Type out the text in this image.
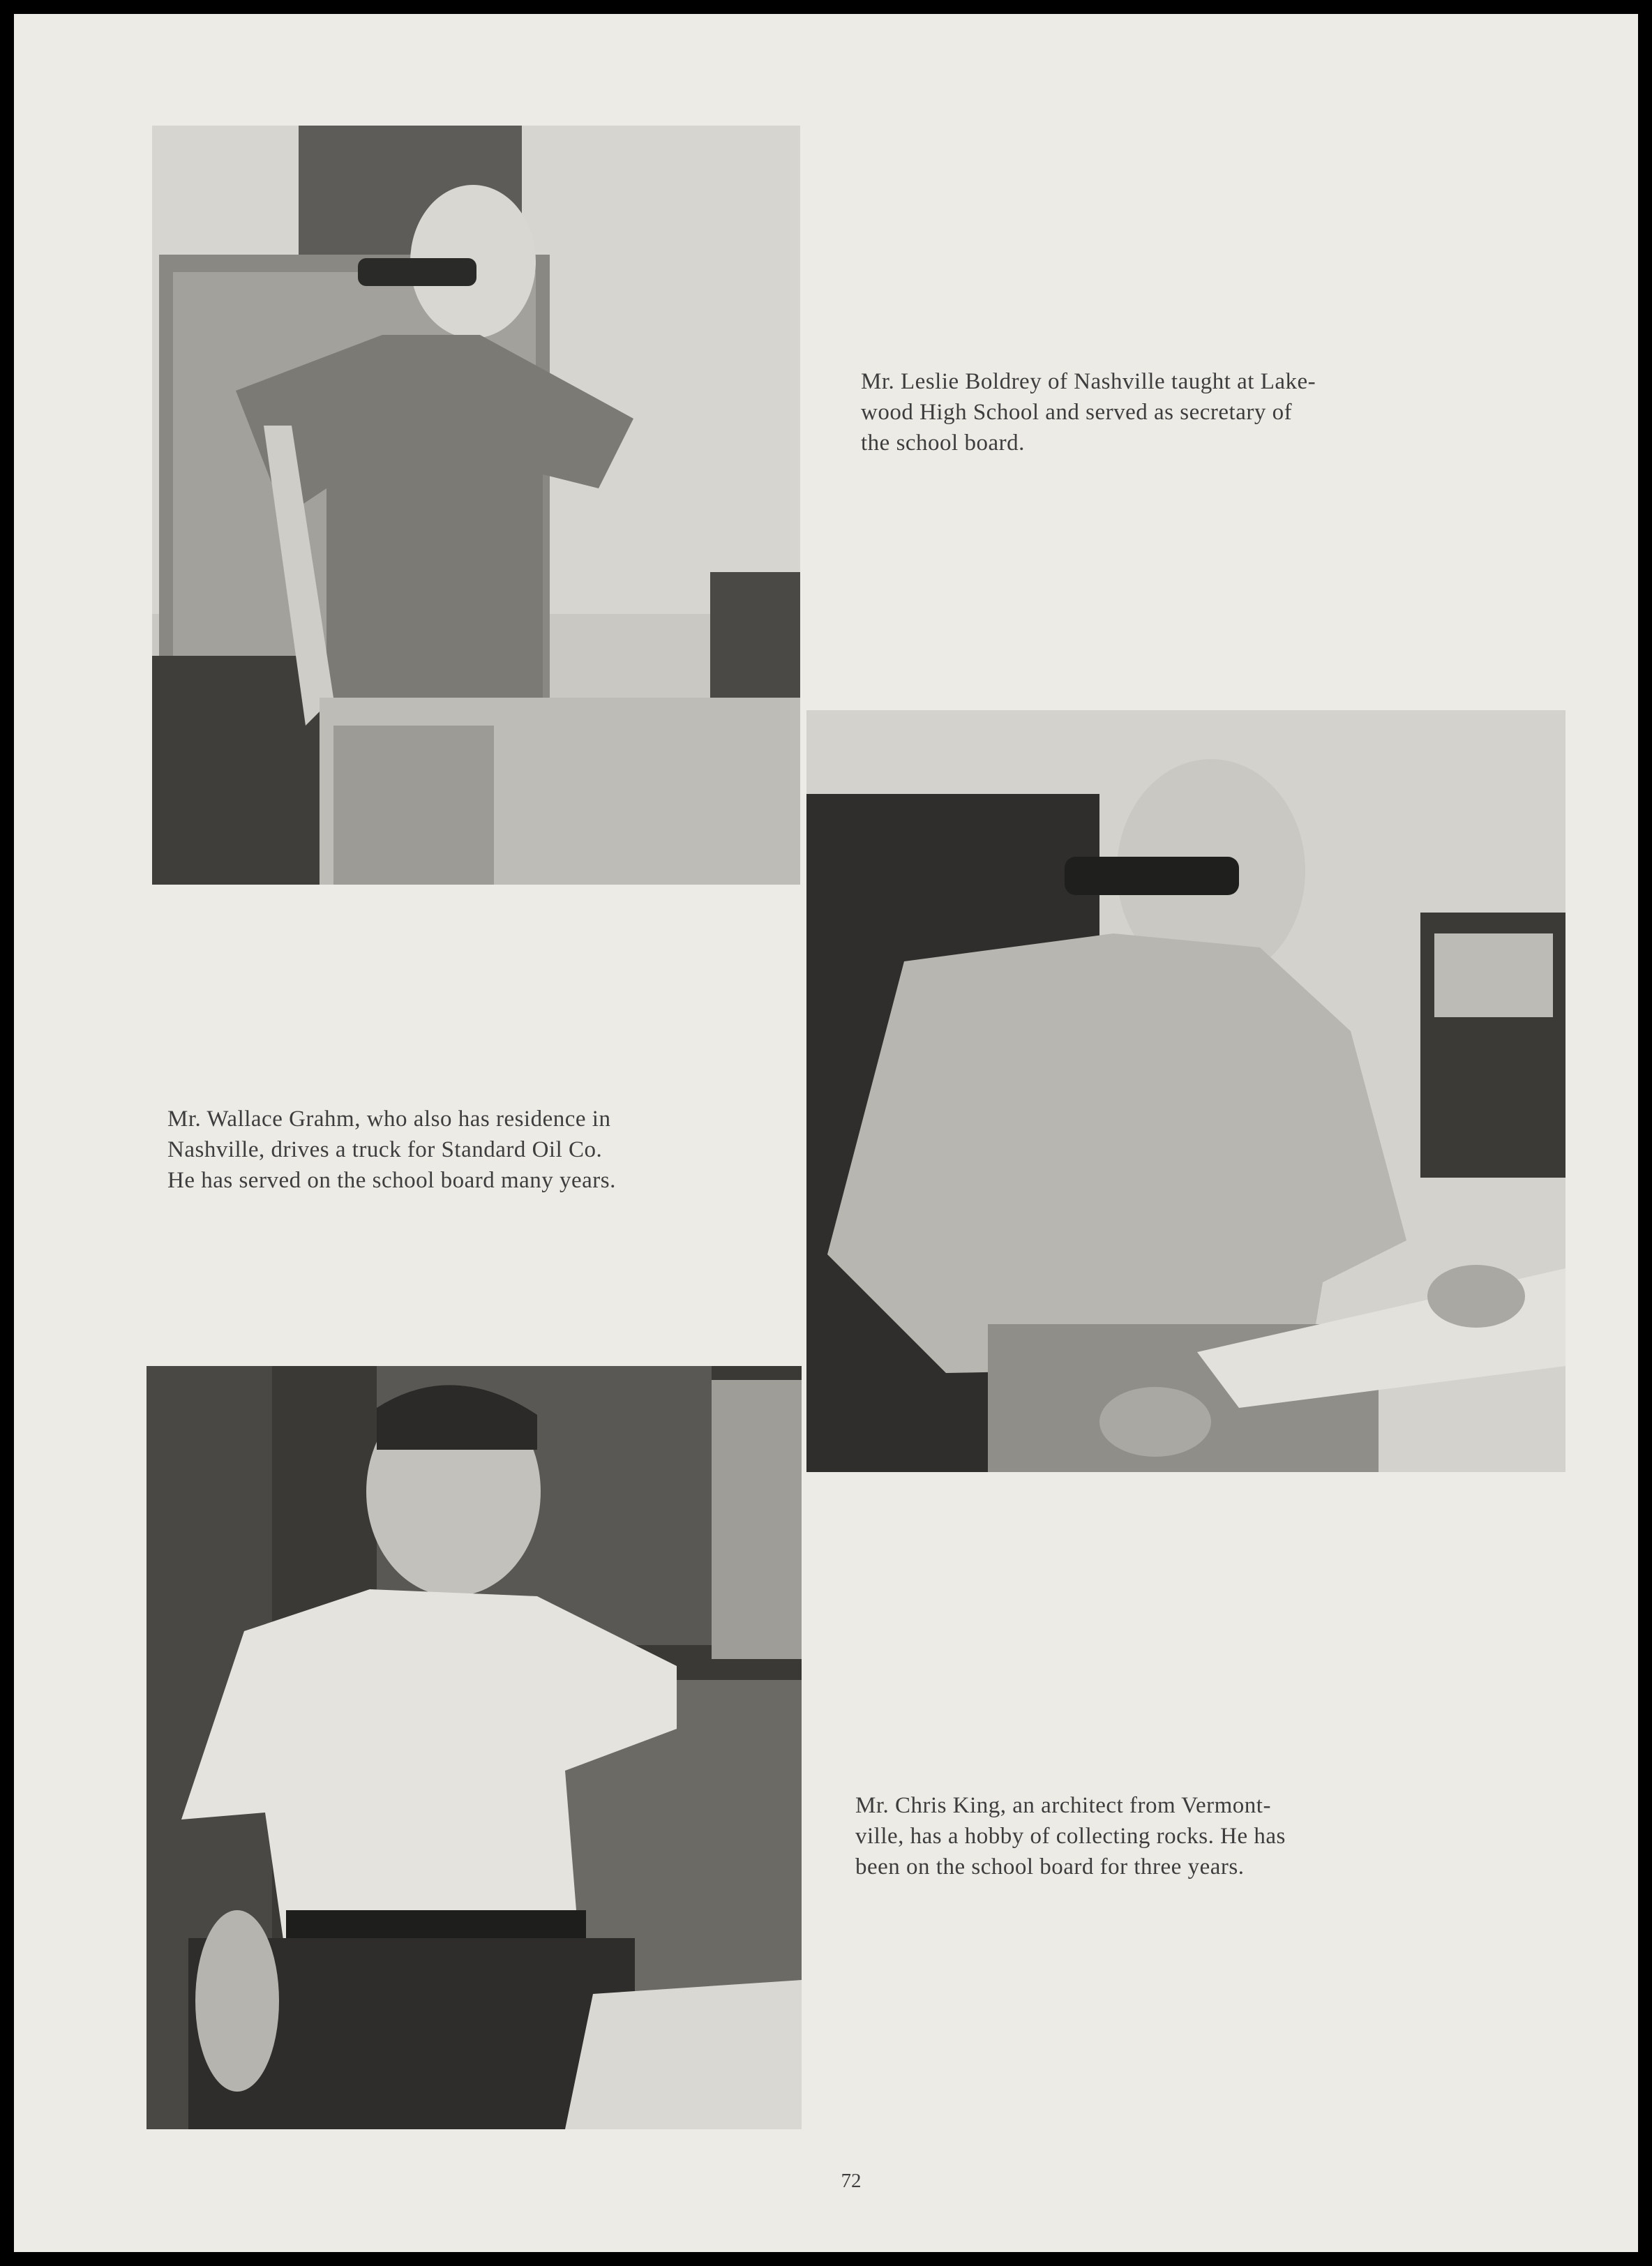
Mr. Leslie Boldrey of Nashville taught at Lake-
wood High School and served as secretary of
the school board.
Mr. Wallace Grahm, who also has residence in
Nashville, drives a truck for Standard Oil Co.
He has served on the school board many years.
Mr. Chris King, an architect from Vermont-
ville, has a hobby of collecting rocks. He has
been on the school board for three years.
72
